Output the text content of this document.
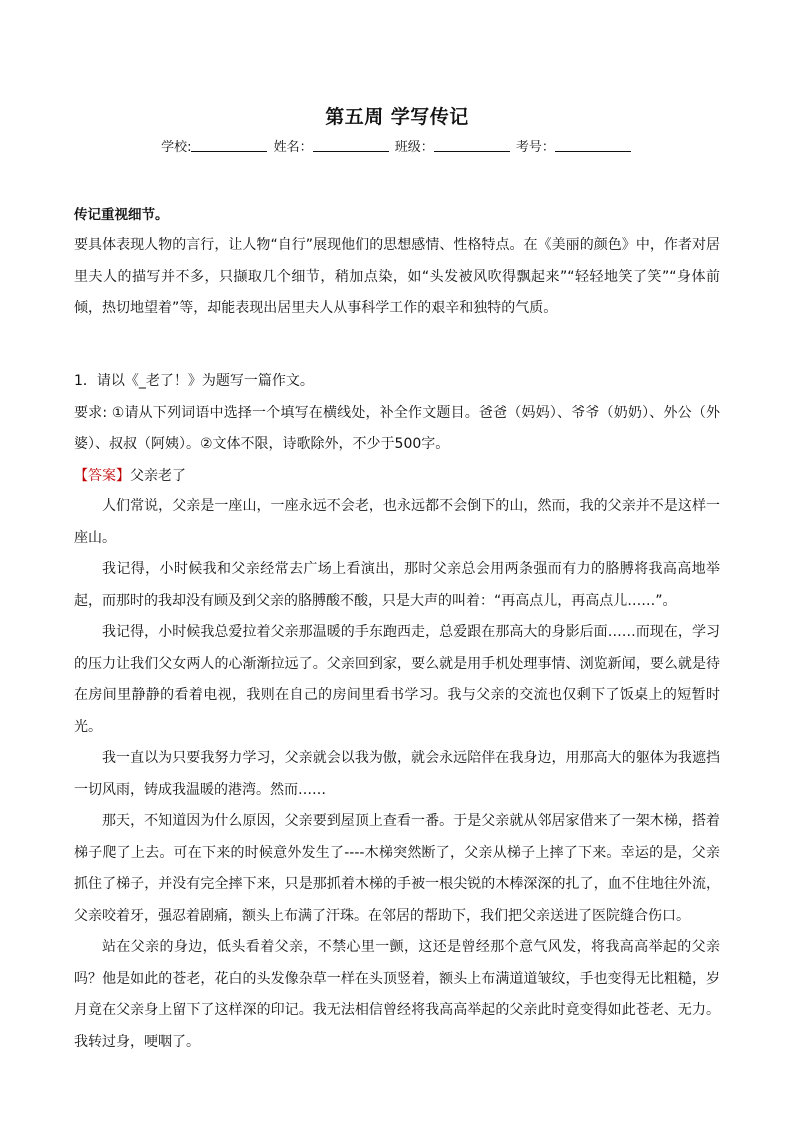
第五周 学写传记
学校:	姓名：	班级：	考号：
传记重视细节。

要具体表现人物的言行，让人物“自行”展现他们的思想感情、性格特点。在《美丽的颜色》中，作者对居里夫人的描写并不多，只撷取几个细节，稍加点染，如“头发被风吹得飘起来”“轻轻地笑了笑”“身体前倾，热切地望着”等，却能表现出居里夫人从事科学工作的艰辛和独特的气质。

1．请以《_老了！》为题写一篇作文。

要求: ①请从下列词语中选择一个填写在横线处，补全作文题目。爸爸（妈妈）、爷爷（奶奶）、外公（外婆）、叔叔（阿姨）。②文体不限，诗歌除外，不少于500字。

【答案】父亲老了

人们常说，父亲是一座山，一座永远不会老，也永远都不会倒下的山，然而，我的父亲并不是这样一座山。

我记得，小时候我和父亲经常去广场上看演出，那时父亲总会用两条强而有力的胳膊将我高高地举起，而那时的我却没有顾及到父亲的胳膊酸不酸，只是大声的叫着：“再高点儿，再高点儿……”。

我记得，小时候我总爱拉着父亲那温暖的手东跑西走，总爱跟在那高大的身影后面……而现在，学习的压力让我们父女两人的心渐渐拉远了。父亲回到家，要么就是用手机处理事情、浏览新闻，要么就是待在房间里静静的看着电视，我则在自己的房间里看书学习。我与父亲的交流也仅剩下了饭桌上的短暂时光。

我一直以为只要我努力学习，父亲就会以我为傲，就会永远陪伴在我身边，用那高大的躯体为我遮挡一切风雨，铸成我温暖的港湾。然而……

那天，不知道因为什么原因，父亲要到屋顶上查看一番。于是父亲就从邻居家借来了一架木梯，搭着梯子爬了上去。可在下来的时候意外发生了----木梯突然断了，父亲从梯子上摔了下来。幸运的是，父亲抓住了梯子，并没有完全摔下来，只是那抓着木梯的手被一根尖锐的木棒深深的扎了，血不住地往外流，父亲咬着牙，强忍着剧痛，额头上布满了汗珠。在邻居的帮助下，我们把父亲送进了医院缝合伤口。

站在父亲的身边，低头看着父亲，不禁心里一颤，这还是曾经那个意气风发，将我高高举起的父亲吗？他是如此的苍老，花白的头发像杂草一样在头顶竖着，额头上布满道道皱纹，手也变得无比粗糙，岁月竟在父亲身上留下了这样深的印记。我无法相信曾经将我高高举起的父亲此时竟变得如此苍老、无力。我转过身，哽咽了。
